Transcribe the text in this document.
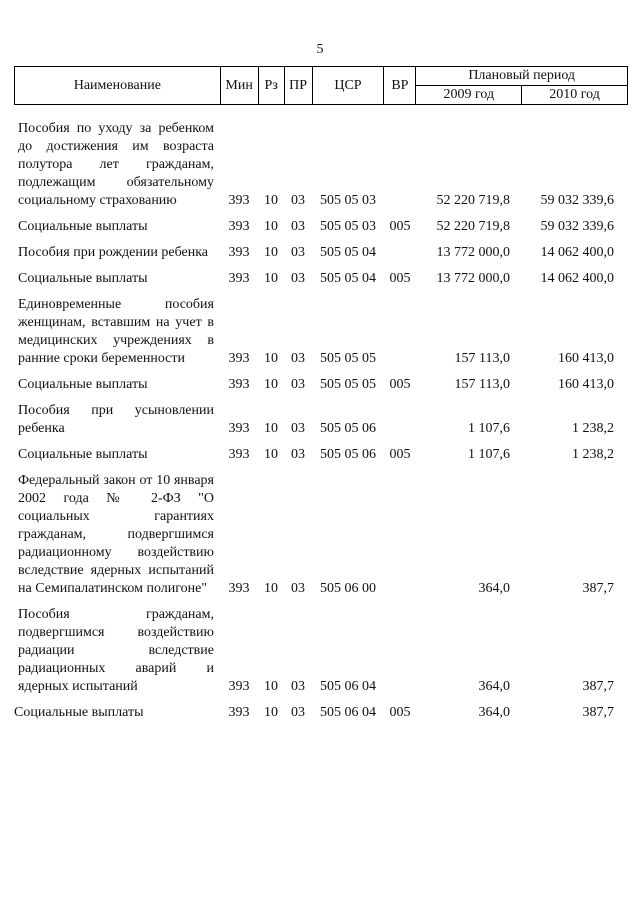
5
Наименование	Мин	Рз	ПР	ЦСР	ВР	Плановый период	
						2009 год	2010 год
Пособия по уходу за ребенком до достижения им возраста полутора лет гражданам, подлежащим обязательному социальному страхованию	393	10	03	505 05 03		52 220 719,8	59 032 339,6

Социальные выплаты	393	10	03	505 05 03	005	52 220 719,8	59 032 339,6

Пособия при рождении ребенка	393	10	03	505 05 04		13 772 000,0	14 062 400,0

Социальные выплаты	393	10	03	505 05 04	005	13 772 000,0	14 062 400,0

Единовременные пособия женщинам, вставшим на учет в медицинских учреждениях в ранние сроки беременности	393	10	03	505 05 05		157 113,0	160 413,0

Социальные выплаты	393	10	03	505 05 05	005	157 113,0	160 413,0

Пособия при усыновлении ребенка	393	10	03	505 05 06		1 107,6	1 238,2

Социальные выплаты	393	10	03	505 05 06	005	1 107,6	1 238,2

Федеральный закон от 10 января 2002 года № 2-ФЗ "О социальных гарантиях гражданам, подвергшимся радиационному воздействию вследствие ядерных испытаний на Семипалатинском полигоне"	393	10	03	505 06 00		364,0	387,7

Пособия гражданам, подвергшимся воздействию радиации вследствие радиационных аварий и ядерных испытаний	393	10	03	505 06 04		364,0	387,7

Социальные выплаты	393	10	03	505 06 04	005	364,0	387,7
